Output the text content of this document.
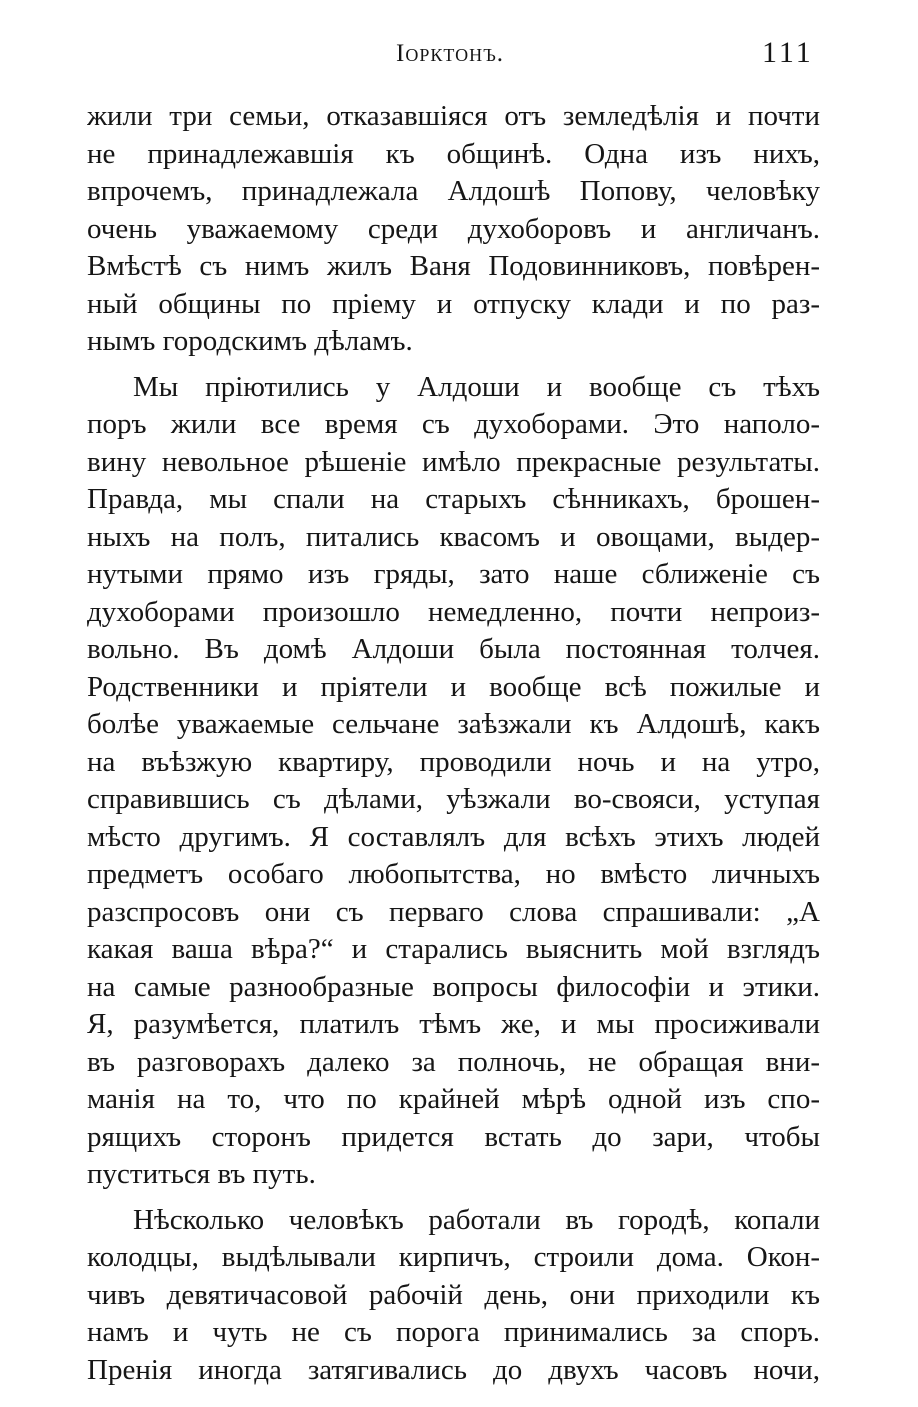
Іорктонъ.	111
жили три семьи, отказавшіяся отъ земледѣлія и почти
не принадлежавшія къ общинѣ. Одна изъ нихъ,
впрочемъ, принадлежала Алдошѣ Попову, человѣку
очень уважаемому среди духоборовъ и англичанъ.
Вмѣстѣ съ нимъ жилъ Ваня Подовинниковъ, повѣрен-
ный общины по пріему и отпуску клади и по раз-
нымъ городскимъ дѣламъ.
Мы пріютились у Алдоши и вообще съ тѣхъ
поръ жили все время съ духоборами. Это наполо-
вину невольное рѣшеніе имѣло прекрасные результаты.
Правда, мы спали на старыхъ сѣнникахъ, брошен-
ныхъ на полъ, питались квасомъ и овощами, выдер-
нутыми прямо изъ гряды, зато наше сближеніе съ
духоборами произошло немедленно, почти непроиз-
вольно. Въ домѣ Алдоши была постоянная толчея.
Родственники и пріятели и вообще всѣ пожилые и
болѣе уважаемые сельчане заѣзжали къ Алдошѣ, какъ
на въѣзжую квартиру, проводили ночь и на утро,
справившись съ дѣлами, уѣзжали во-свояси, уступая
мѣсто другимъ. Я составлялъ для всѣхъ этихъ людей
предметъ особаго любопытства, но вмѣсто личныхъ
разспросовъ они съ перваго слова спрашивали: „А
какая ваша вѣра?“ и старались выяснить мой взглядъ
на самые разнообразные вопросы философіи и этики.
Я, разумѣется, платилъ тѣмъ же, и мы просиживали
въ разговорахъ далеко за полночь, не обращая вни-
манія на то, что по крайней мѣрѣ одной изъ спо-
рящихъ сторонъ придется встать до зари, чтобы
пуститься въ путь.
Нѣсколько человѣкъ работали въ городѣ, копали
колодцы, выдѣлывали кирпичъ, строили дома. Окон-
чивъ девятичасовой рабочій день, они приходили къ
намъ и чуть не съ порога принимались за споръ.
Пренія иногда затягивались до двухъ часовъ ночи,
